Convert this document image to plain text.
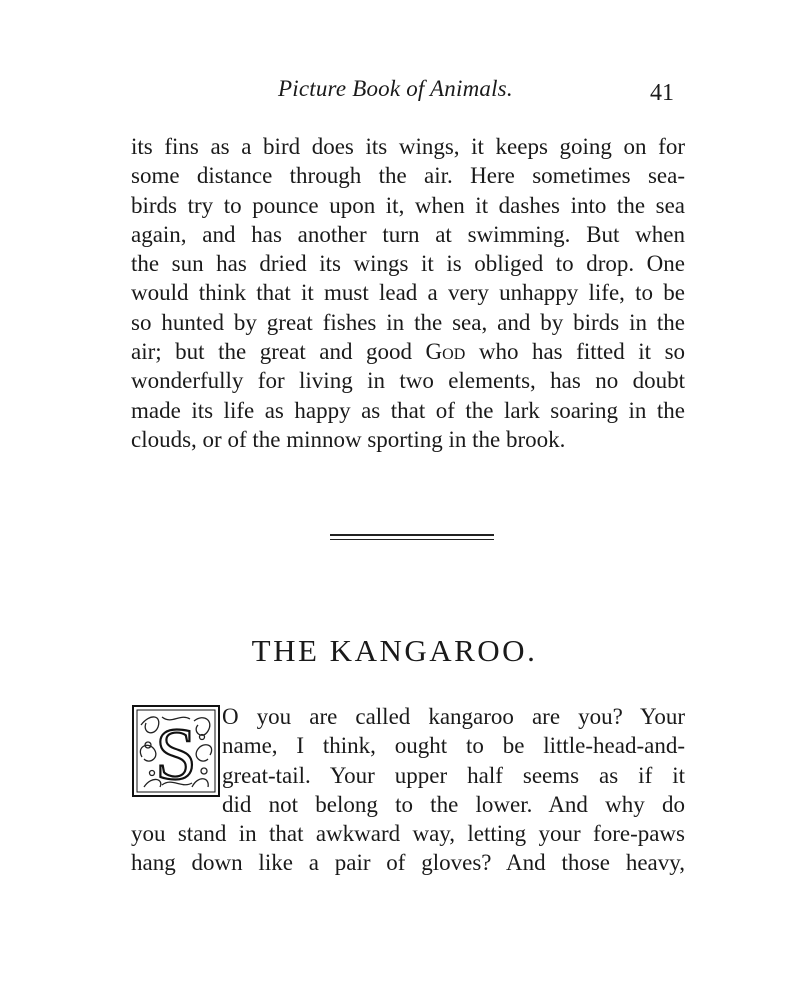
Picture Book of Animals.	41
its fins as a bird does its wings, it keeps going on for
some distance through the air. Here sometimes sea-
birds try to pounce upon it, when it dashes into the sea
again, and has another turn at swimming. But when
the sun has dried its wings it is obliged to drop. One
would think that it must lead a very unhappy life, to be
so hunted by great fishes in the sea, and by birds in the
air; but the great and good God who has fitted it so
wonderfully for living in two elements, has no doubt
made its life as happy as that of the lark soaring in the
clouds, or of the minnow sporting in the brook.
THE KANGAROO.
S O you are called kangaroo are you? Your
name, I think, ought to be little-head-and-
great-tail. Your upper half seems as if it
did not belong to the lower. And why do
you stand in that awkward way, letting your fore-paws
hang down like a pair of gloves? And those heavy,
